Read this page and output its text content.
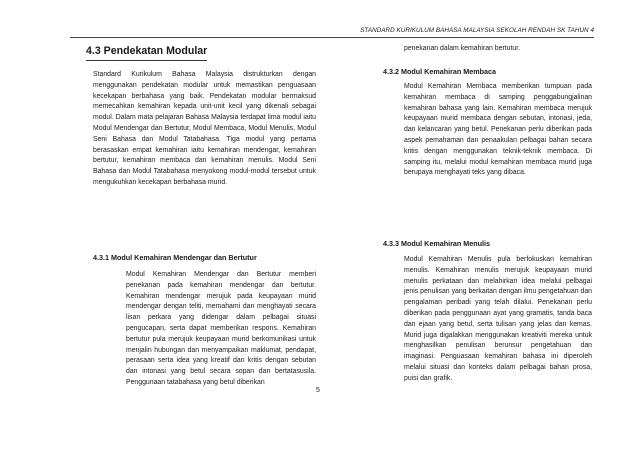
STANDARD KURIKULUM BAHASA MALAYSIA SEKOLAH RENDAH SK TAHUN 4
4.3 Pendekatan Modular

Standard Kurikulum Bahasa Malaysia distrukturkan dengan menggunakan pendekatan modular untuk memastikan penguasaan kecekapan berbahasa yang baik. Pendekatan modular bermaksud memecahkan kemahiran kepada unit-unit kecil yang dikenali sebagai modul. Dalam mata pelajaran Bahasa Malaysia terdapat lima modul iaitu Modul Mendengar dan Bertutur, Modul Membaca, Modul Menulis, Modul Seni Bahasa dan Modul Tatabahasa. Tiga modul yang pertama berasaskan empat kemahiran iaitu kemahiran mendengar, kemahiran bertutur, kemahiran membaca dan kemahiran menulis. Modul Seni Bahasa dan Modul Tatabahasa menyokong modul-modul tersebut untuk mengukuhkan kecekapan berbahasa murid.

4.3.1 Modul Kemahiran Mendengar dan Bertutur

Modul Kemahiran Mendengar dan Bertutur memberi penekanan pada kemahiran mendengar dan bertutur. Kemahiran mendengar merujuk pada keupayaan murid mendengar dengan teliti, memahami dan menghayati secara lisan perkara yang didengar dalam pelbagai situasi pengucapan, serta dapat memberikan respons. Kemahiran bertutur pula merujuk keupayaan murid berkomunikasi untuk menjalin hubungan dan menyampaikan maklumat, pendapat, perasaan serta idea yang kreatif dan kritis dengan sebutan dan intonasi yang betul secara sopan dan bertatasusila. Penggunaan tatabahasa yang betul diberikan

penekanan dalam kemahiran bertutur.

4.3.2 Modul Kemahiran Membaca

Modul Kemahiran Membaca memberikan tumpuan pada kemahiran membaca di samping penggabungjalinan kemahiran bahasa yang lain. Kemahiran membaca merujuk keupayaan murid membaca dengan sebutan, intonasi, jeda, dan kelancaran yang betul. Penekanan perlu diberikan pada aspek pemahaman dan penaakulan pelbagai bahan secara kritis dengan menggunakan teknik-teknik membaca. Di samping itu, melalui modul kemahiran membaca murid juga berupaya menghayati teks yang dibaca.

4.3.3 Modul Kemahiran Menulis

Modul Kemahiran Menulis pula berfokuskan kemahiran menulis. Kemahiran menulis merujuk keupayaan murid menulis perkataan dan melahirkan idea melalui pelbagai jenis penulisan yang berkaitan dengan ilmu pengetahuan dan pengalaman peribadi yang telah dilalui. Penekanan perlu diberikan pada penggunaan ayat yang gramatis, tanda baca dan ejaan yang betul, serta tulisan yang jelas dan kemas. Murid juga digalakkan menggunakan kreativiti mereka untuk menghasilkan penulisan berunsur pengetahuan dan imaginasi. Penguasaan kemahiran bahasa ini diperoleh melalui situasi dan konteks dalam pelbagai bahan prosa, puisi dan grafik.

5
